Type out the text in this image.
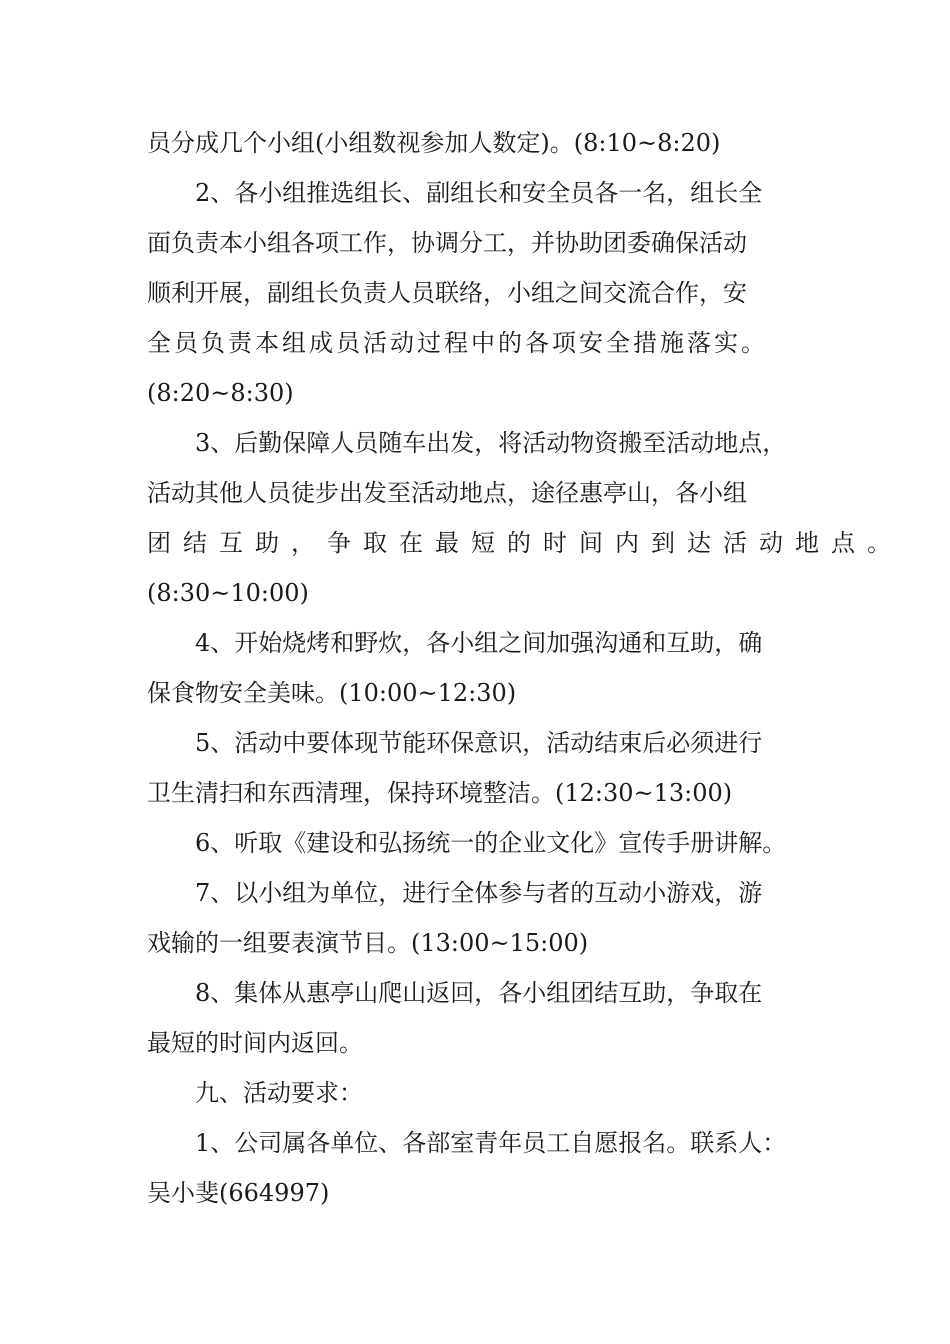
员分成几个小组(小组数视参加人数定)。(8:10~8:20)
2、各小组推选组长、副组长和安全员各一名，组长全
面负责本小组各项工作，协调分工，并协助团委确保活动
顺利开展，副组长负责人员联络，小组之间交流合作，安
全员负责本组成员活动过程中的各项安全措施落实。
(8:20~8:30)
3、后勤保障人员随车出发，将活动物资搬至活动地点，
活动其他人员徒步出发至活动地点，途径惠亭山，各小组
团结互助，争取在最短的时间内到达活动地点。
(8:30~10:00)
4、开始烧烤和野炊，各小组之间加强沟通和互助，确
保食物安全美味。(10:00~12:30)
5、活动中要体现节能环保意识，活动结束后必须进行
卫生清扫和东西清理，保持环境整洁。(12:30~13:00)
6、听取《建设和弘扬统一的企业文化》宣传手册讲解。
7、以小组为单位，进行全体参与者的互动小游戏，游
戏输的一组要表演节目。(13:00~15:00)
8、集体从惠亭山爬山返回，各小组团结互助，争取在
最短的时间内返回。
九、活动要求：
1、公司属各单位、各部室青年员工自愿报名。联系人：
吴小斐(664997)
